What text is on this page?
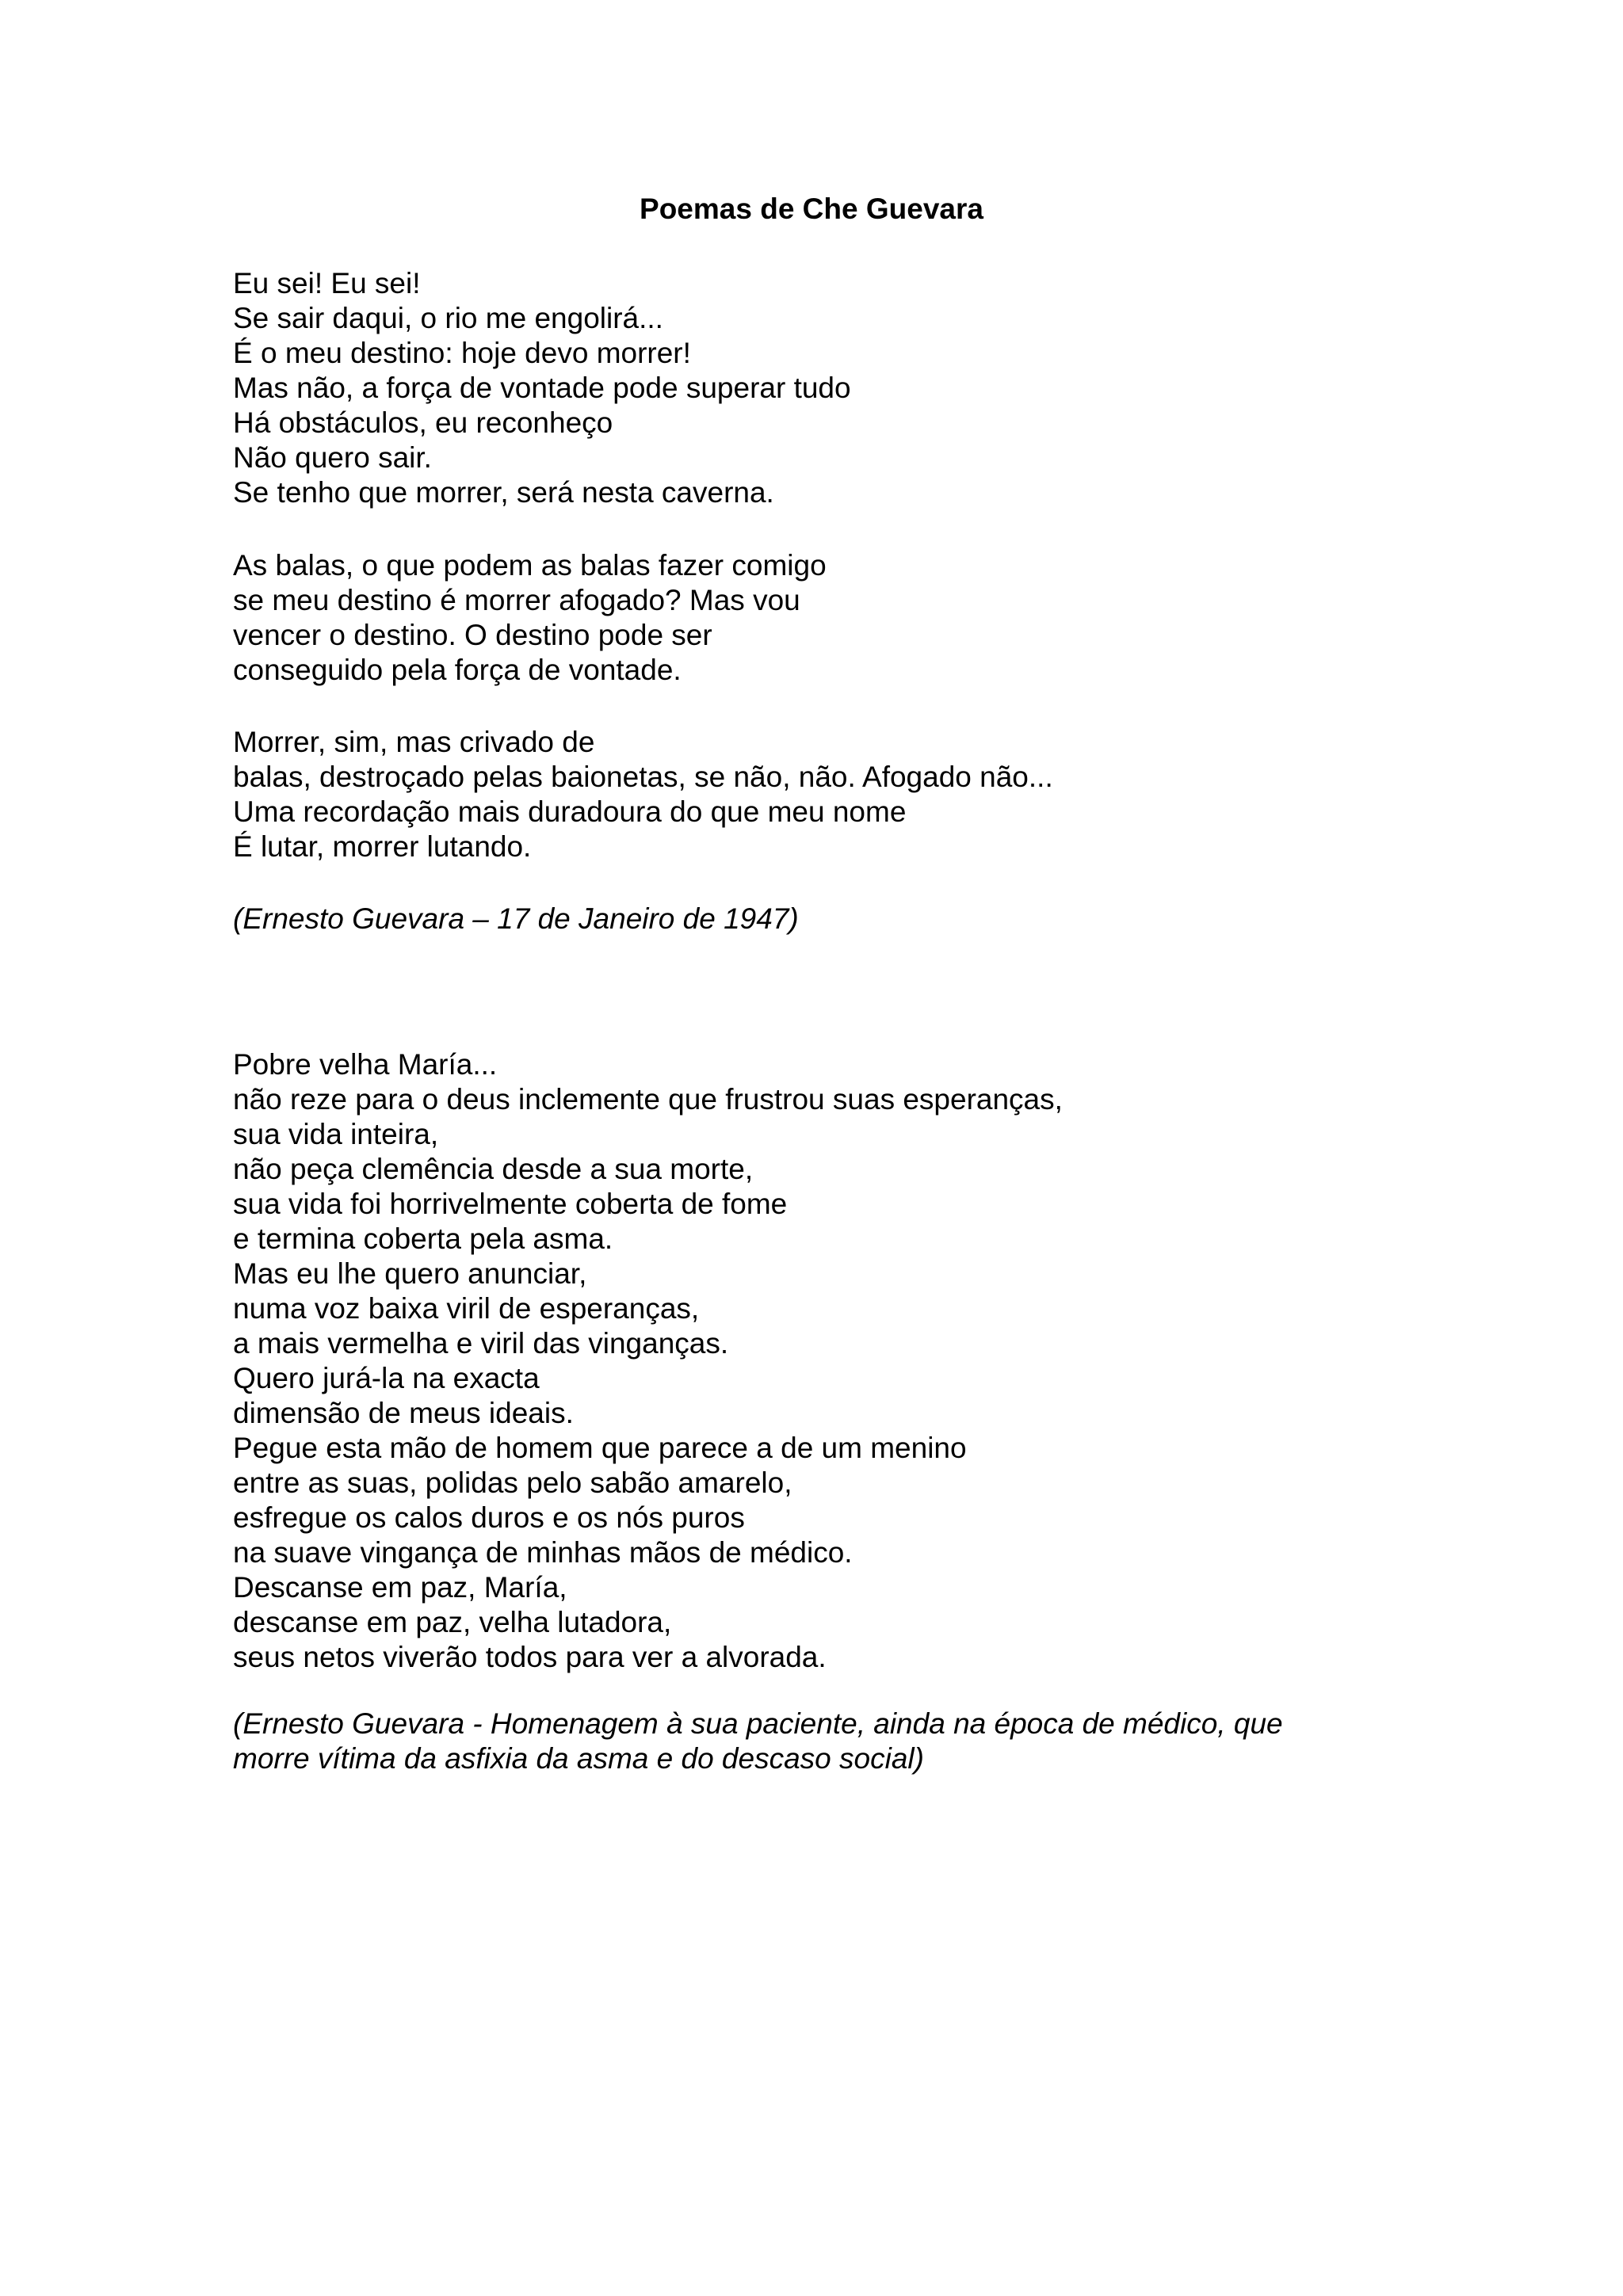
Poemas de Che Guevara
Eu sei! Eu sei!
Se sair daqui, o rio me engolirá...
É o meu destino: hoje devo morrer!
Mas não, a força de vontade pode superar tudo
Há obstáculos, eu reconheço
Não quero sair.
Se tenho que morrer, será nesta caverna.
As balas, o que podem as balas fazer comigo
se meu destino é morrer afogado? Mas vou
vencer o destino. O destino pode ser
conseguido pela força de vontade.
Morrer, sim, mas crivado de
balas, destroçado pelas baionetas, se não, não. Afogado não...
Uma recordação mais duradoura do que meu nome
É lutar, morrer lutando.
(Ernesto Guevara – 17 de Janeiro de 1947)
Pobre velha María...
não reze para o deus inclemente que frustrou suas esperanças,
sua vida inteira,
não peça clemência desde a sua morte,
sua vida foi horrivelmente coberta de fome
e termina coberta pela asma.
Mas eu lhe quero anunciar,
numa voz baixa viril de esperanças,
a mais vermelha e viril das vinganças.
Quero jurá-la na exacta
dimensão de meus ideais.
Pegue esta mão de homem que parece a de um menino
entre as suas, polidas pelo sabão amarelo,
esfregue os calos duros e os nós puros
na suave vingança de minhas mãos de médico.
Descanse em paz, María,
descanse em paz, velha lutadora,
seus netos viverão todos para ver a alvorada.
(Ernesto Guevara - Homenagem à sua paciente, ainda na época de médico, que
morre vítima da asfixia da asma e do descaso social)
